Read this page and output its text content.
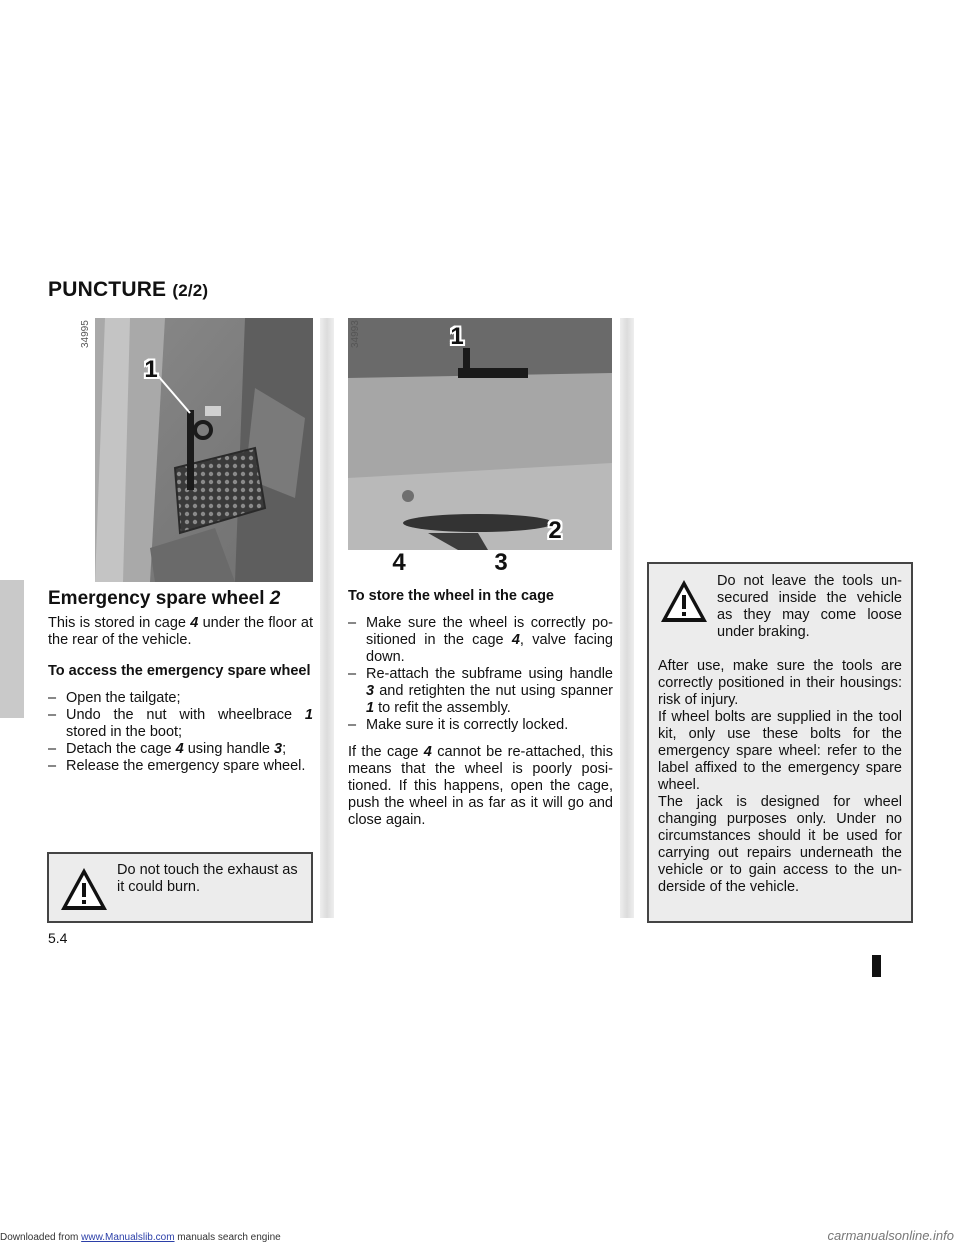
PUNCTURE (2/2)
34995
1
34993	1
2
4	3
Emergency spare wheel 2

This is stored in cage 4 under the floor at the rear of the vehicle.

To access the emergency spare wheel

– Open the tailgate;
– Undo the nut with wheelbrace 1 stored in the boot;
– Detach the cage 4 using handle 3;
– Release the emergency spare wheel.

Do not touch the exhaust as it could burn.

To store the wheel in the cage

– Make sure the wheel is correctly po-sitioned in the cage 4, valve facing down.
– Re-attach the subframe using handle 3 and retighten the nut using spanner 1 to refit the assembly.
– Make sure it is correctly locked.

If the cage 4 cannot be re-attached, this means that the wheel is poorly posi-tioned. If this happens, open the cage, push the wheel in as far as it will go and close again.

Do not leave the tools un-secured inside the vehicle as they may come loose under braking.

After use, make sure the tools are correctly positioned in their housings: risk of injury.

If wheel bolts are supplied in the tool kit, only use these bolts for the emergency spare wheel: refer to the label affixed to the emergency spare wheel.

The jack is designed for wheel changing purposes only. Under no circumstances should it be used for carrying out repairs underneath the vehicle or to gain access to the un-derside of the vehicle.

5.4
Downloaded from www.Manualslib.com manuals search engine	carmanualsonline.info
